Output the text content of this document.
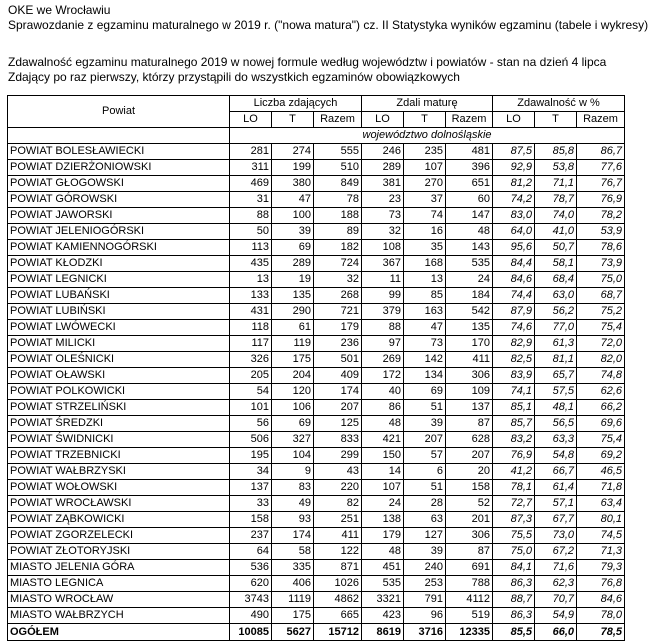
OKE we Wrocławiu
Sprawozdanie z egzaminu maturalnego w 2019 r. ("nowa matura") cz. II Statystyka wyników egzaminu (tabele i wykresy)
Zdawalność egzaminu maturalnego 2019 w nowej formule według województw i powiatów - stan na dzień 4 lipca
Zdający po raz pierwszy, którzy przystąpili do wszystkich egzaminów obowiązkowych
Powiat	Liczba zdających			Zdali maturę			Zdawalność w %		
	LO	T	Razem	LO	T	Razem	LO	T	Razem
	województwo dolnośląskie								
POWIAT BOLESŁAWIECKI	281	274	555	246	235	481	87,5	85,8	86,7
POWIAT DZIERŻONIOWSKI	311	199	510	289	107	396	92,9	53,8	77,6
POWIAT GŁOGOWSKI	469	380	849	381	270	651	81,2	71,1	76,7
POWIAT GÓROWSKI	31	47	78	23	37	60	74,2	78,7	76,9
POWIAT JAWORSKI	88	100	188	73	74	147	83,0	74,0	78,2
POWIAT JELENIOGÓRSKI	50	39	89	32	16	48	64,0	41,0	53,9
POWIAT KAMIENNOGÓRSKI	113	69	182	108	35	143	95,6	50,7	78,6
POWIAT KŁODZKI	435	289	724	367	168	535	84,4	58,1	73,9
POWIAT LEGNICKI	13	19	32	11	13	24	84,6	68,4	75,0
POWIAT LUBAŃSKI	133	135	268	99	85	184	74,4	63,0	68,7
POWIAT LUBIŃSKI	431	290	721	379	163	542	87,9	56,2	75,2
POWIAT LWÓWECKI	118	61	179	88	47	135	74,6	77,0	75,4
POWIAT MILICKI	117	119	236	97	73	170	82,9	61,3	72,0
POWIAT OLEŚNICKI	326	175	501	269	142	411	82,5	81,1	82,0
POWIAT OŁAWSKI	205	204	409	172	134	306	83,9	65,7	74,8
POWIAT POLKOWICKI	54	120	174	40	69	109	74,1	57,5	62,6
POWIAT STRZELIŃSKI	101	106	207	86	51	137	85,1	48,1	66,2
POWIAT ŚREDZKI	56	69	125	48	39	87	85,7	56,5	69,6
POWIAT ŚWIDNICKI	506	327	833	421	207	628	83,2	63,3	75,4
POWIAT TRZEBNICKI	195	104	299	150	57	207	76,9	54,8	69,2
POWIAT WAŁBRZYSKI	34	9	43	14	6	20	41,2	66,7	46,5
POWIAT WOŁOWSKI	137	83	220	107	51	158	78,1	61,4	71,8
POWIAT WROCŁAWSKI	33	49	82	24	28	52	72,7	57,1	63,4
POWIAT ZĄBKOWICKI	158	93	251	138	63	201	87,3	67,7	80,1
POWIAT ZGORZELECKI	237	174	411	179	127	306	75,5	73,0	74,5
POWIAT ZŁOTORYJSKI	64	58	122	48	39	87	75,0	67,2	71,3
MIASTO JELENIA GÓRA	536	335	871	451	240	691	84,1	71,6	79,3
MIASTO LEGNICA	620	406	1026	535	253	788	86,3	62,3	76,8
MIASTO WROCŁAW	3743	1119	4862	3321	791	4112	88,7	70,7	84,6
MIASTO WAŁBRZYCH	490	175	665	423	96	519	86,3	54,9	78,0
OGÓŁEM	10085	5627	15712	8619	3716	12335	85,5	66,0	78,5
